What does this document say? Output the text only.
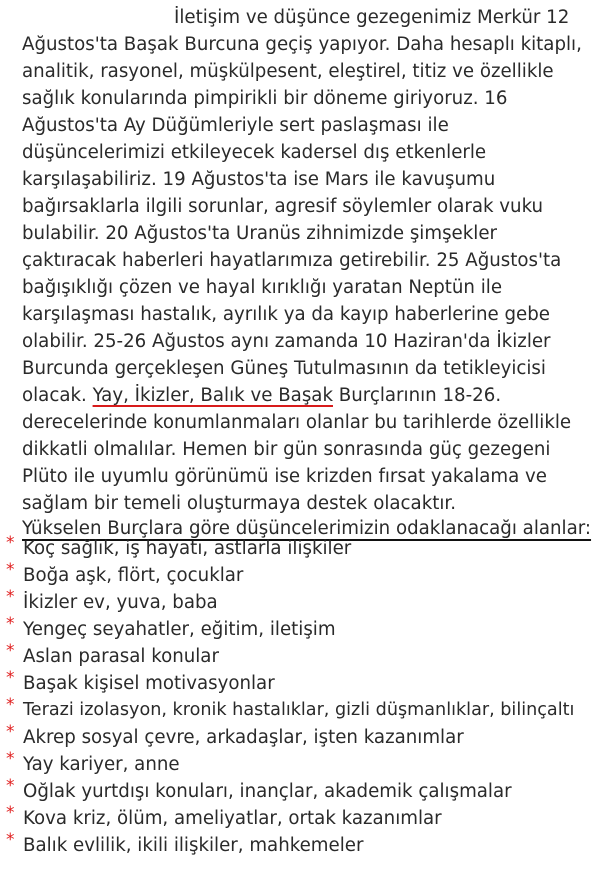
İletişim ve düşünce gezegenimiz Merkür 12
Ağustos'ta Başak Burcuna geçiş yapıyor. Daha hesaplı kitaplı,
analitik, rasyonel, müşkülpesent, eleştirel, titiz ve özellikle
sağlık konularında pimpirikli bir döneme giriyoruz. 16
Ağustos'ta Ay Düğümleriyle sert paslaşması ile
düşüncelerimizi etkileyecek kadersel dış etkenlerle
karşılaşabiliriz. 19 Ağustos'ta ise Mars ile kavuşumu
bağırsaklarla ilgili sorunlar, agresif söylemler olarak vuku
bulabilir. 20 Ağustos'ta Uranüs zihnimizde şimşekler
çaktıracak haberleri hayatlarımıza getirebilir. 25 Ağustos'ta
bağışıklığı çözen ve hayal kırıklığı yaratan Neptün ile
karşılaşması hastalık, ayrılık ya da kayıp haberlerine gebe
olabilir. 25-26 Ağustos aynı zamanda 10 Haziran'da İkizler
Burcunda gerçekleşen Güneş Tutulmasının da tetikleyicisi
olacak. Yay, İkizler, Balık ve Başak Burçlarının 18-26.
derecelerinde konumlanmaları olanlar bu tarihlerde özellikle
dikkatli olmalılar. Hemen bir gün sonrasında güç gezegeni
Plüto ile uyumlu görünümü ise krizden fırsat yakalama ve
sağlam bir temeli oluşturmaya destek olacaktır.
Yükselen Burçlara göre düşüncelerimizin odaklanacağı alanlar:
* Koç sağlık, iş hayatı, astlarla ilişkiler
* Boğa aşk, flört, çocuklar
* İkizler ev, yuva, baba
* Yengeç seyahatler, eğitim, iletişim
* Aslan parasal konular
* Başak kişisel motivasyonlar
* Terazi izolasyon, kronik hastalıklar, gizli düşmanlıklar, bilinçaltı
* Akrep sosyal çevre, arkadaşlar, işten kazanımlar
* Yay kariyer, anne
* Oğlak yurtdışı konuları, inançlar, akademik çalışmalar
* Kova kriz, ölüm, ameliyatlar, ortak kazanımlar
* Balık evlilik, ikili ilişkiler, mahkemeler
